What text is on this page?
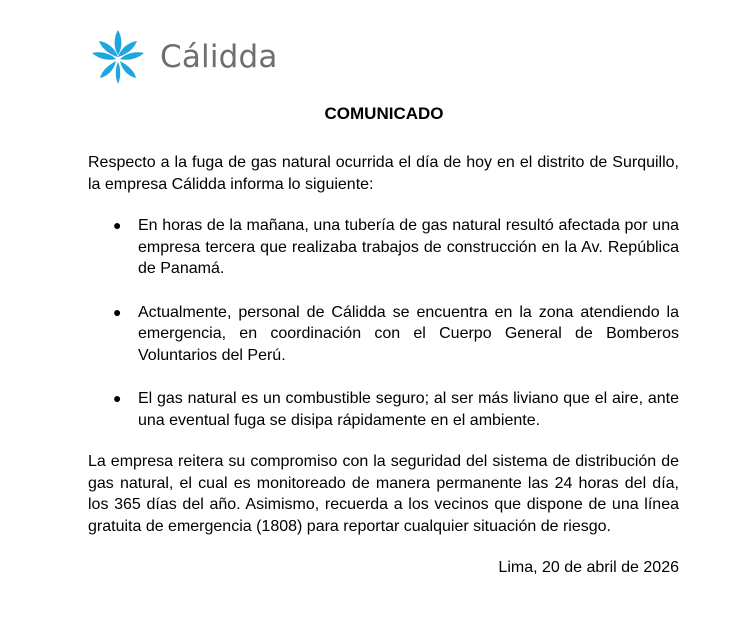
Cálidda
COMUNICADO
Respecto a la fuga de gas natural ocurrida el día de hoy en el distrito de Surquillo, la empresa Cálidda informa lo siguiente:
● En horas de la mañana, una tubería de gas natural resultó afectada por una empresa tercera que realizaba trabajos de construcción en la Av. República de Panamá.
● Actualmente, personal de Cálidda se encuentra en la zona atendiendo la emergencia, en coordinación con el Cuerpo General de Bomberos Voluntarios del Perú.
● El gas natural es un combustible seguro; al ser más liviano que el aire, ante una eventual fuga se disipa rápidamente en el ambiente.
La empresa reitera su compromiso con la seguridad del sistema de distribución de gas natural, el cual es monitoreado de manera permanente las 24 horas del día, los 365 días del año. Asimismo, recuerda a los vecinos que dispone de una línea gratuita de emergencia (1808) para reportar cualquier situación de riesgo.
Lima, 20 de abril de 2026
